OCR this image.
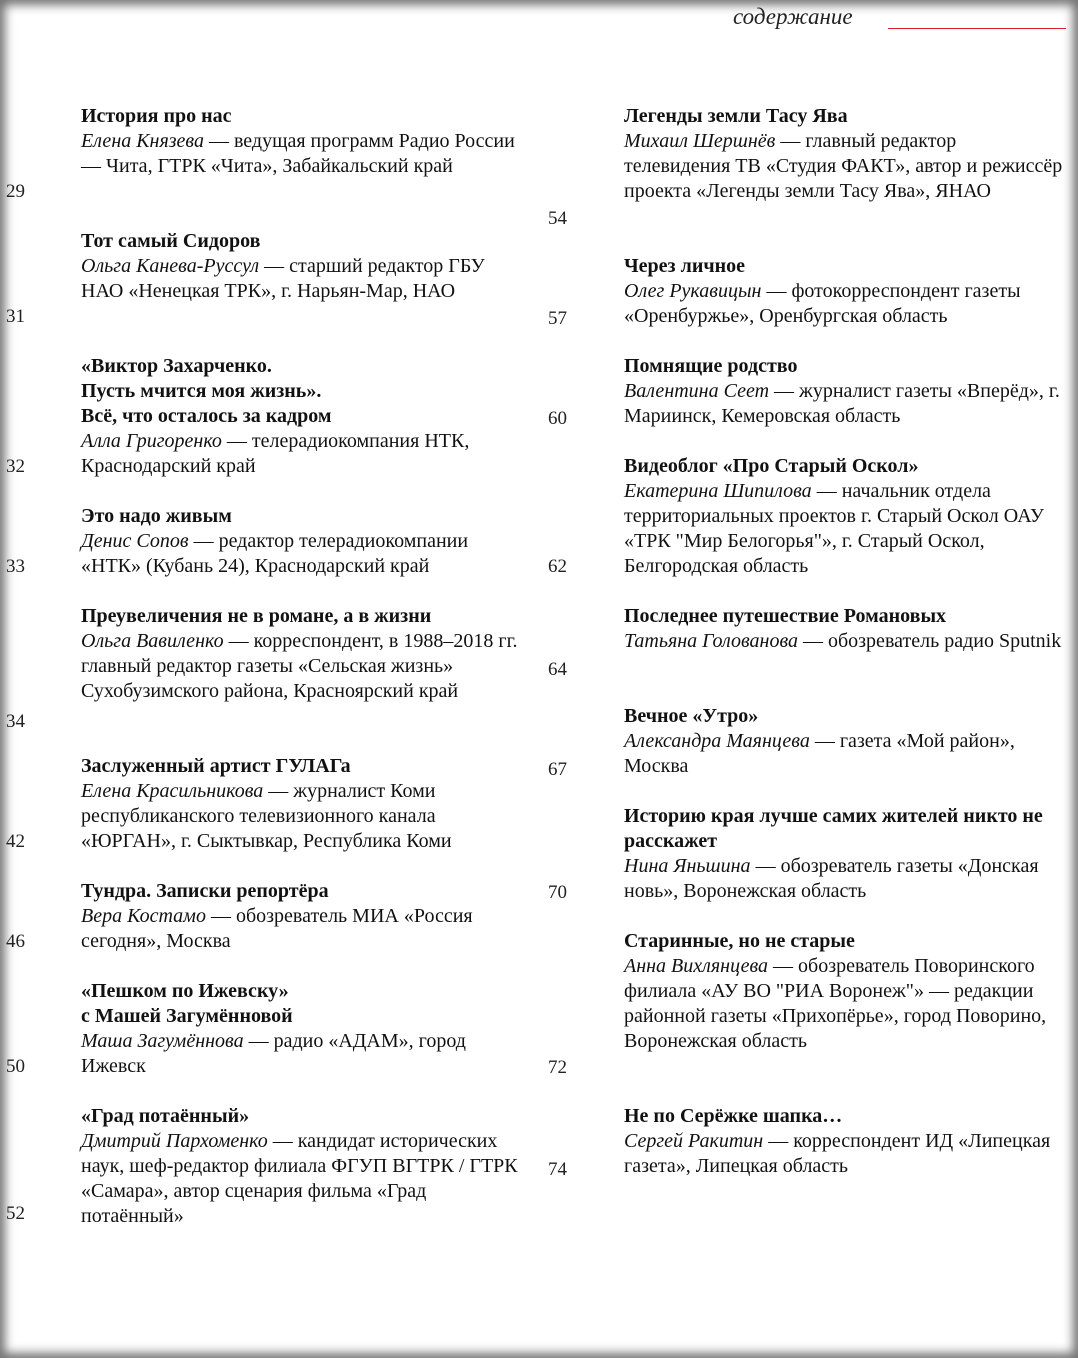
содержание
История про нас
Елена Князева — ведущая программ Радио России — Чита, ГТРК «Чита», Забайкальский край
29
Тот самый Сидоров
Ольга Канева-Руссул — старший редактор ГБУ НАО «Ненецкая ТРК», г. Нарьян-Мар, НАО
31
«Виктор Захарченко.
Пусть мчится моя жизнь».
Всё, что осталось за кадром
Алла Григоренко — телерадиокомпания НТК, Краснодарский край
32
Это надо живым
Денис Сопов — редактор телерадиокомпании «НТК» (Кубань 24), Краснодарский край
33
Преувеличения не в романе, а в жизни
Ольга Вавиленко — корреспондент, в 1988–2018 гг. главный редактор газеты «Сельская жизнь» Сухобузимского района, Красноярский край
34
Заслуженный артист ГУЛАГа
Елена Красильникова — журналист Коми республиканского телевизионного канала «ЮРГАН», г. Сыктывкар, Республика Коми
42
Тундра. Записки репортёра
Вера Костамо — обозреватель МИА «Россия сегодня», Москва
46
«Пешком по Ижевску»
с Машей Загумённовой
Маша Загумённова — радио «АДАМ», город Ижевск
50
«Град потаённый»
Дмитрий Пархоменко — кандидат исторических наук, шеф-редактор филиала ФГУП ВГТРК / ГТРК «Самара», автор сценария фильма «Град потаённый»
52
Легенды земли Тасу Ява
Михаил Шершнёв — главный редактор телевидения ТВ «Студия ФАКТ», автор и режиссёр проекта «Легенды земли Тасу Ява», ЯНАО
54
Через личное
Олег Рукавицын — фотокорреспондент газеты «Оренбуржье», Оренбургская область
57
Помнящие родство
Валентина Сеет — журналист газеты «Вперёд», г. Мариинск, Кемеровская область
60
Видеоблог «Про Старый Оскол»
Екатерина Шипилова — начальник отдела территориальных проектов г. Старый Оскол ОАУ «ТРК "Мир Белогорья"», г. Старый Оскол, Белгородская область
62
Последнее путешествие Романовых
Татьяна Голованова — обозреватель радио Sputnik
64
Вечное «Утро»
Александра Маянцева — газета «Мой район», Москва
67
Историю края лучше самих жителей никто не расскажет
Нина Яньшина — обозреватель газеты «Донская новь», Воронежская область
70
Старинные, но не старые
Анна Вихлянцева — обозреватель Поворинского филиала «АУ ВО "РИА Воронеж"» — редакции районной газеты «Прихопёрье», город Поворино, Воронежская область
72
Не по Серёжке шапка…
Сергей Ракитин — корреспондент ИД «Липецкая газета», Липецкая область
74
